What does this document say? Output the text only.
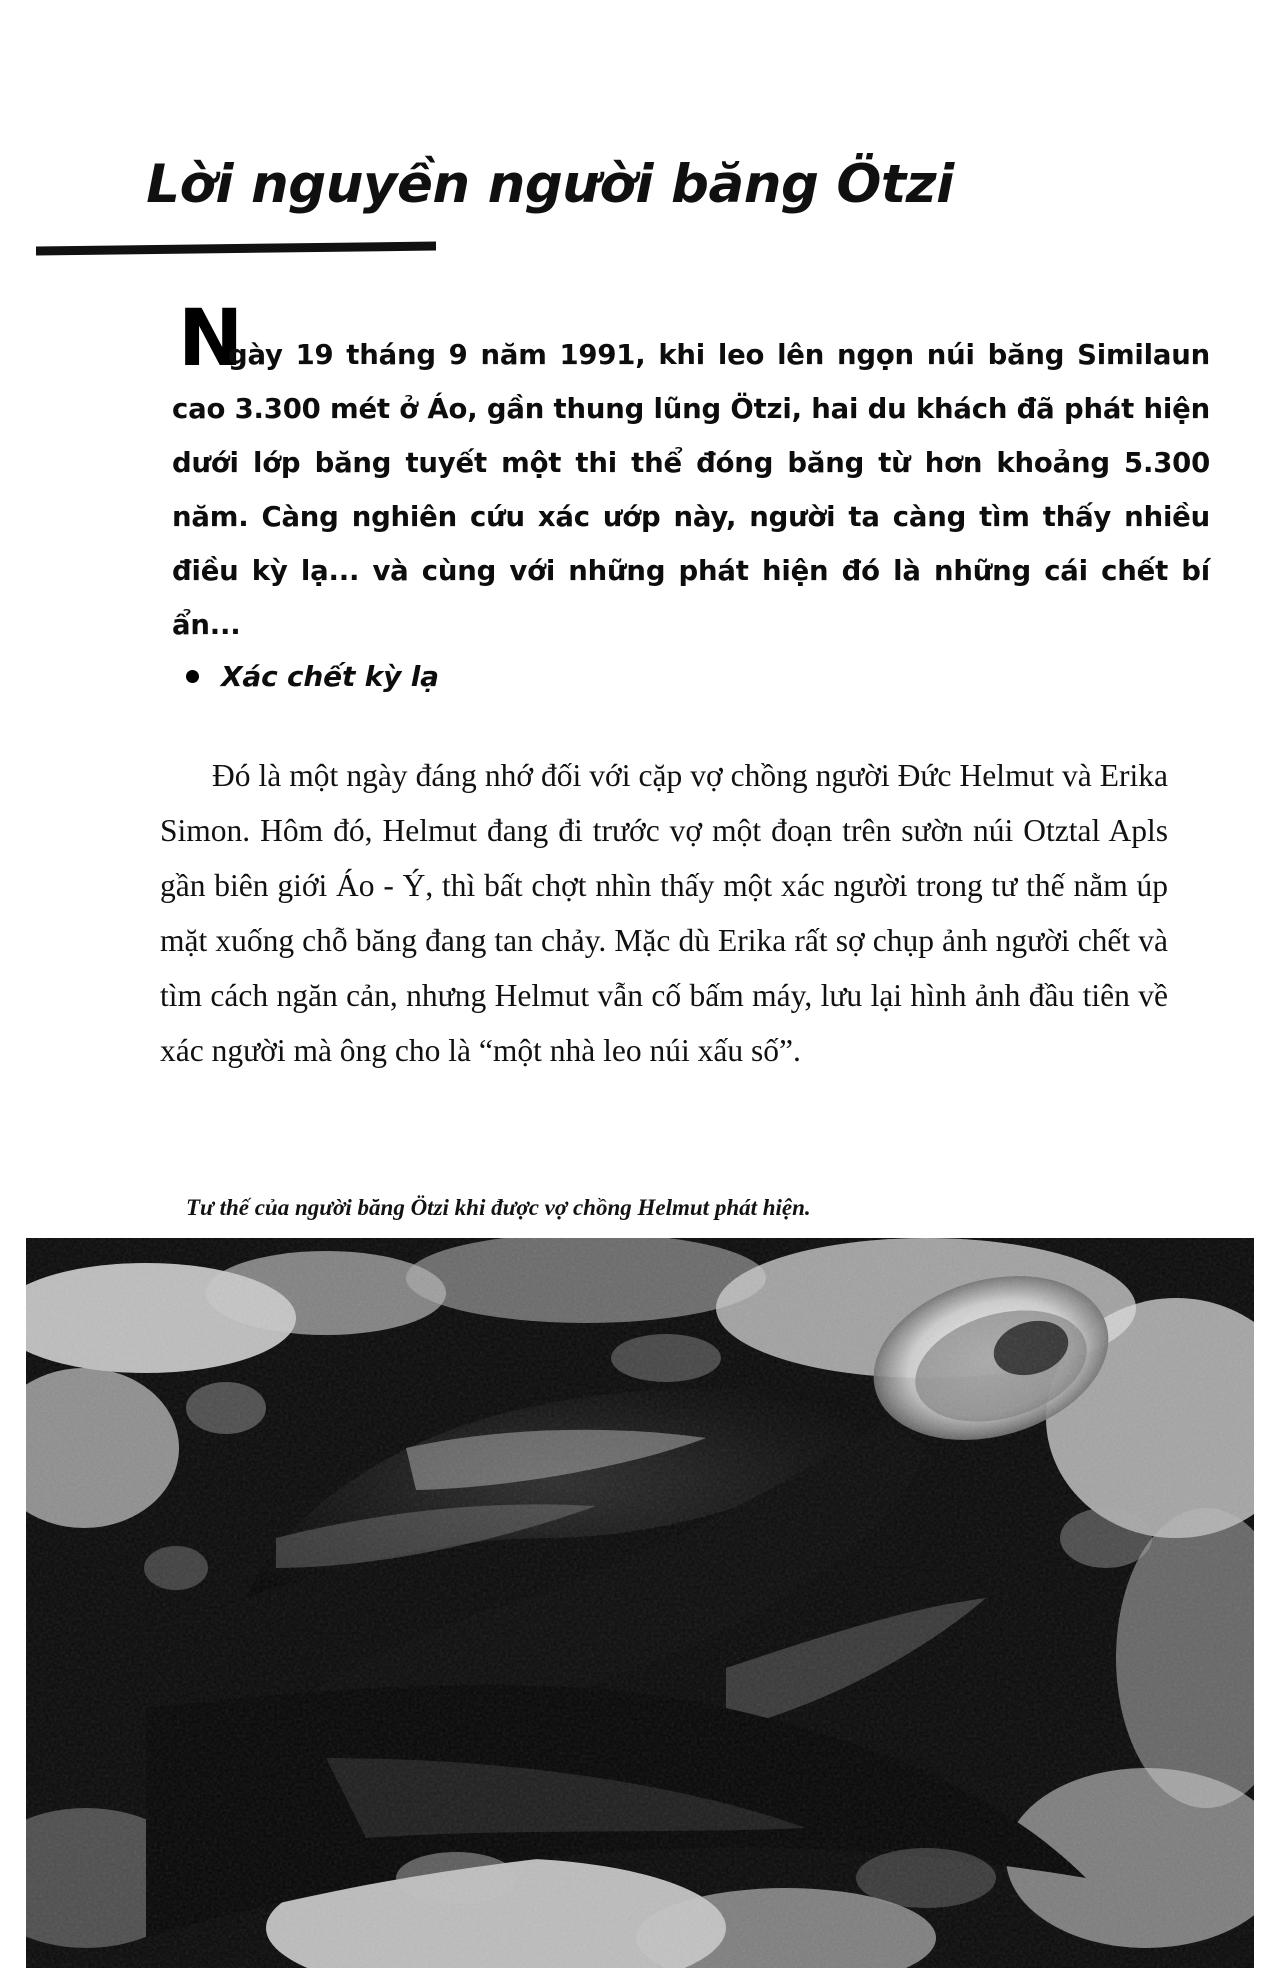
Lời nguyền người băng Ötzi
N

gày 19 tháng 9 năm 1991, khi leo lên ngọn núi băng Similaun cao 3.300 mét ở Áo, gần thung lũng Ötzi, hai du khách đã phát hiện dưới lớp băng tuyết một thi thể đóng băng từ hơn khoảng 5.300 năm. Càng nghiên cứu xác ướp này, người ta càng tìm thấy nhiều điều kỳ lạ... và cùng với những phát hiện đó là những cái chết bí ẩn...

Xác chết kỳ lạ

Đó là một ngày đáng nhớ đối với cặp vợ chồng người Đức Helmut và Erika Simon. Hôm đó, Helmut đang đi trước vợ một đoạn trên sườn núi Otztal Apls gần biên giới Áo - Ý, thì bất chợt nhìn thấy một xác người trong tư thế nằm úp mặt xuống chỗ băng đang tan chảy. Mặc dù Erika rất sợ chụp ảnh người chết và tìm cách ngăn cản, nhưng Helmut vẫn cố bấm máy, lưu lại hình ảnh đầu tiên về xác người mà ông cho là “một nhà leo núi xấu số”.

Tư thế của người băng Ötzi khi được vợ chồng Helmut phát hiện.
